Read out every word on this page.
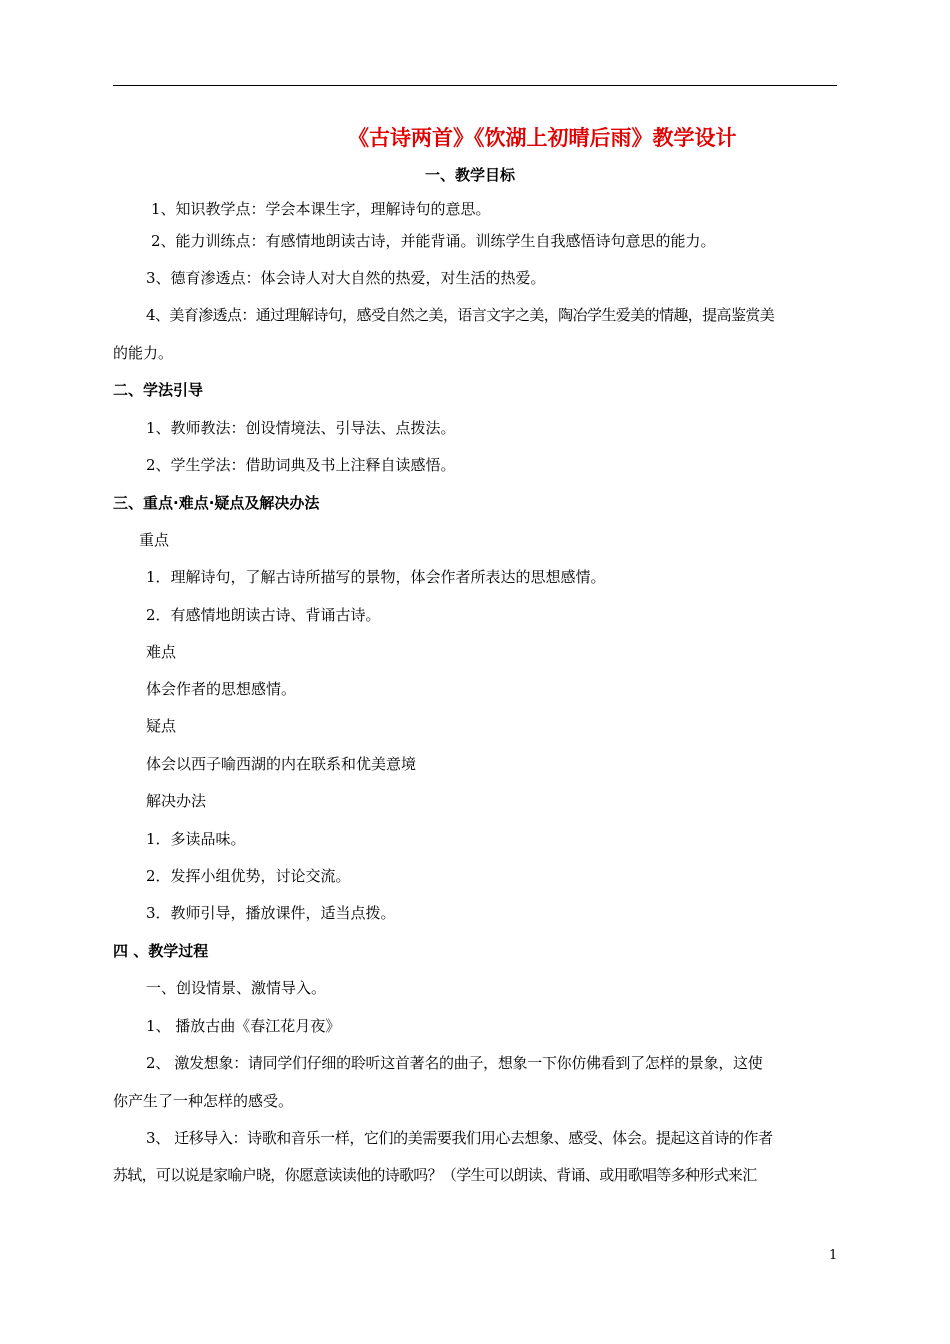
《古诗两首》《饮湖上初晴后雨》教学设计
一、教学目标
1、知识教学点：学会本课生字，理解诗句的意思。
2、能力训练点：有感情地朗读古诗，并能背诵。训练学生自我感悟诗句意思的能力。
3、德育渗透点：体会诗人对大自然的热爱，对生活的热爱。
4、美育渗透点：通过理解诗句，感受自然之美，语言文字之美，陶冶学生爱美的情趣，提高鉴赏美
的能力。
二、学法引导
1、教师教法：创设情境法、引导法、点拨法。
2、学生学法：借助词典及书上注释自读感悟。
三、重点·难点·疑点及解决办法
重点
1．理解诗句，了解古诗所描写的景物，体会作者所表达的思想感情。
2．有感情地朗读古诗、背诵古诗。
难点
体会作者的思想感情。
疑点
体会以西子喻西湖的内在联系和优美意境
解决办法
1．多读品味。
2．发挥小组优势，讨论交流。
3．教师引导，播放课件，适当点拨。
四 、教学过程
一、创设情景、激情导入。
1、 播放古曲《春江花月夜》
2、 激发想象：请同学们仔细的聆听这首著名的曲子，想象一下你仿佛看到了怎样的景象，这使
你产生了一种怎样的感受。
3、 迁移导入：诗歌和音乐一样，它们的美需要我们用心去想象、感受、体会。提起这首诗的作者
苏轼，可以说是家喻户晓，你愿意读读他的诗歌吗？（学生可以朗读、背诵、或用歌唱等多种形式来汇
1
